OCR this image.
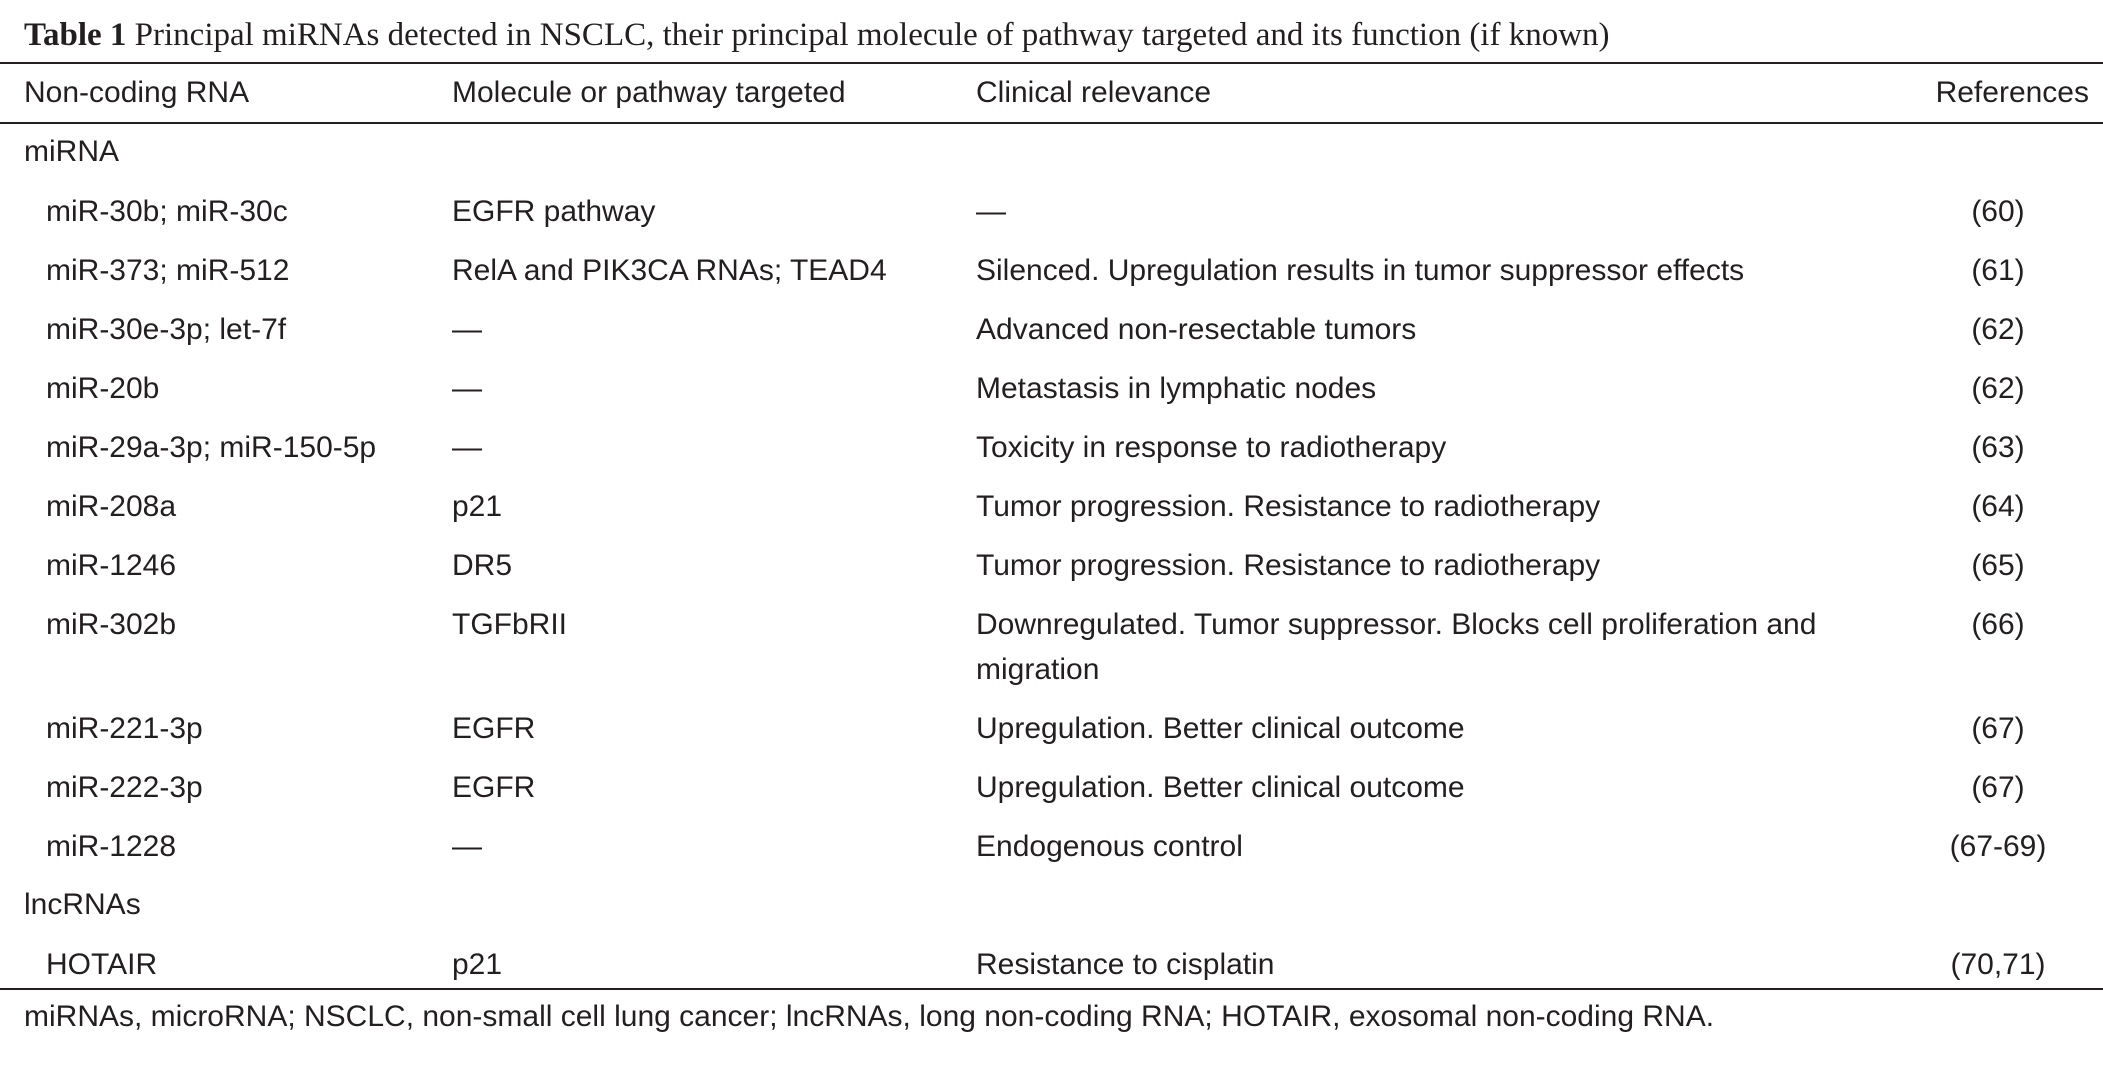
Table 1 Principal miRNAs detected in NSCLC, their principal molecule of pathway targeted and its function (if known)
Non-coding RNA	Molecule or pathway targeted	Clinical relevance	References
miRNA			
miR-30b; miR-30c	EGFR pathway	—	(60)
miR-373; miR-512	RelA and PIK3CA RNAs; TEAD4	Silenced. Upregulation results in tumor suppressor effects	(61)
miR-30e-3p; let-7f	—	Advanced non-resectable tumors	(62)
miR-20b	—	Metastasis in lymphatic nodes	(62)
miR-29a-3p; miR-150-5p	—	Toxicity in response to radiotherapy	(63)
miR-208a	p21	Tumor progression. Resistance to radiotherapy	(64)
miR-1246	DR5	Tumor progression. Resistance to radiotherapy	(65)
miR-302b	TGFbRII	Downregulated. Tumor suppressor. Blocks cell proliferation and migration	(66)
miR-221-3p	EGFR	Upregulation. Better clinical outcome	(67)
miR-222-3p	EGFR	Upregulation. Better clinical outcome	(67)
miR-1228	—	Endogenous control	(67-69)
lncRNAs			
HOTAIR	p21	Resistance to cisplatin	(70,71)
miRNAs, microRNA; NSCLC, non-small cell lung cancer; lncRNAs, long non-coding RNA; HOTAIR, exosomal non-coding RNA.
